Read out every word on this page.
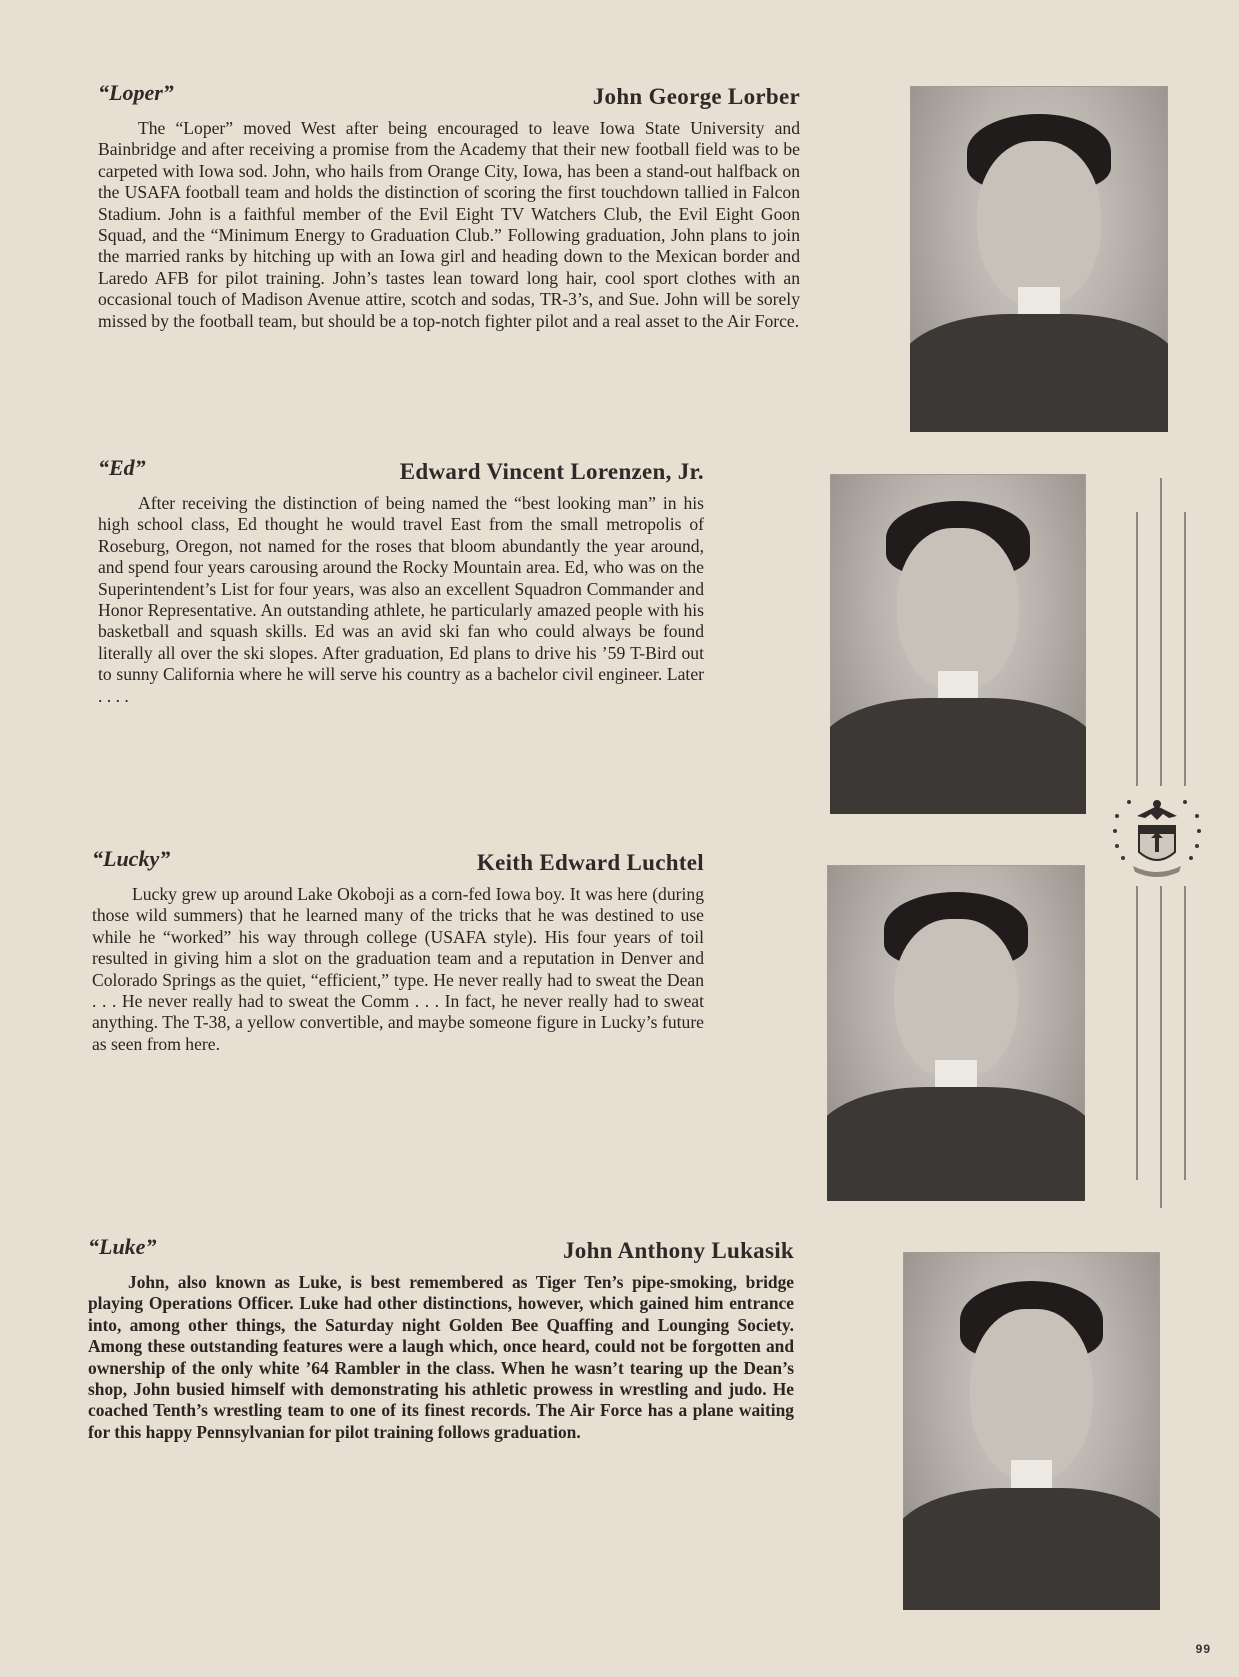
“Loper”	John George Lorber

The “Loper” moved West after being encouraged to leave Iowa State University and Bainbridge and after receiving a promise from the Academy that their new football field was to be carpeted with Iowa sod. John, who hails from Orange City, Iowa, has been a stand-out halfback on the USAFA football team and holds the distinction of scoring the first touchdown tallied in Falcon Stadium. John is a faithful member of the Evil Eight TV Watchers Club, the Evil Eight Goon Squad, and the “Minimum Energy to Graduation Club.” Following graduation, John plans to join the married ranks by hitching up with an Iowa girl and heading down to the Mexican border and Laredo AFB for pilot training. John’s tastes lean toward long hair, cool sport clothes with an occasional touch of Madison Avenue attire, scotch and sodas, TR-3’s, and Sue. John will be sorely missed by the football team, but should be a top-notch fighter pilot and a real asset to the Air Force.

“Ed”	Edward Vincent Lorenzen, Jr.

After receiving the distinction of being named the “best looking man” in his high school class, Ed thought he would travel East from the small metropolis of Roseburg, Oregon, not named for the roses that bloom abundantly the year around, and spend four years carousing around the Rocky Mountain area. Ed, who was on the Superintendent’s List for four years, was also an excellent Squadron Commander and Honor Representative. An outstanding athlete, he particularly amazed people with his basketball and squash skills. Ed was an avid ski fan who could always be found literally all over the ski slopes. After graduation, Ed plans to drive his ’59 T-Bird out to sunny California where he will serve his country as a bachelor civil engineer. Later . . . .

“Lucky”	Keith Edward Luchtel

Lucky grew up around Lake Okoboji as a corn-fed Iowa boy. It was here (during those wild summers) that he learned many of the tricks that he was destined to use while he “worked” his way through college (USAFA style). His four years of toil resulted in giving him a slot on the graduation team and a reputation in Denver and Colorado Springs as the quiet, “efficient,” type. He never really had to sweat the Dean . . . He never really had to sweat the Comm . . . In fact, he never really had to sweat anything. The T-38, a yellow convertible, and maybe someone figure in Lucky’s future as seen from here.

“Luke”	John Anthony Lukasik

John, also known as Luke, is best remembered as Tiger Ten’s pipe-smoking, bridge playing Operations Officer. Luke had other distinctions, however, which gained him entrance into, among other things, the Saturday night Golden Bee Quaffing and Lounging Society. Among these outstanding features were a laugh which, once heard, could not be forgotten and ownership of the only white ’64 Rambler in the class. When he wasn’t tearing up the Dean’s shop, John busied himself with demonstrating his athletic prowess in wrestling and judo. He coached Tenth’s wrestling team to one of its finest records. The Air Force has a plane waiting for this happy Pennsylvanian for pilot training follows graduation.

99
